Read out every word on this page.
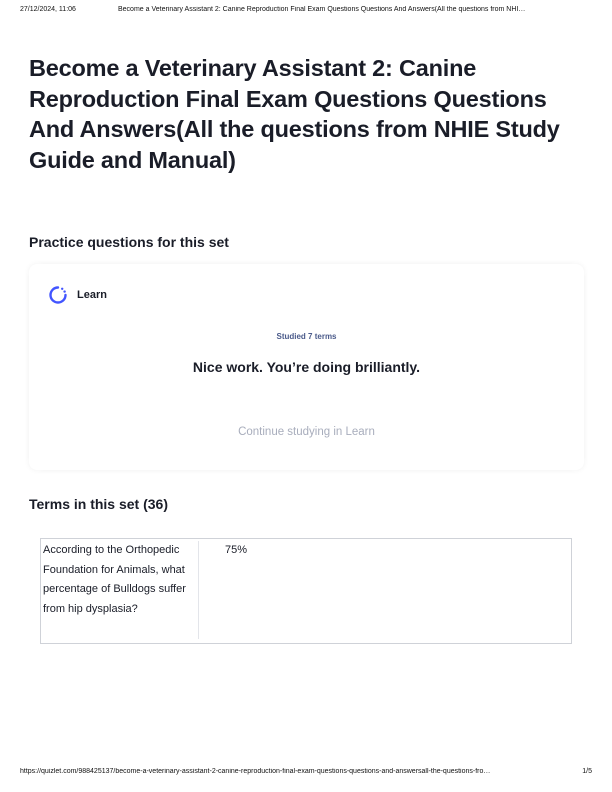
27/12/2024, 11:06	Become a Veterinary Assistant 2: Canine Reproduction Final Exam Questions Questions And Answers(All the questions from NHI…
Become a Veterinary Assistant 2: Canine Reproduction Final Exam Questions Questions And Answers(All the questions from NHIE Study Guide and Manual)
Practice questions for this set
Learn
Studied 7 terms
Nice work. You’re doing brilliantly.
Continue studying in Learn
Terms in this set (36)
According to the Orthopedic Foundation for Animals, what percentage of Bulldogs suffer from hip dysplasia?
75%
https://quizlet.com/988425137/become-a-veterinary-assistant-2-canine-reproduction-final-exam-questions-questions-and-answersall-the-questions-fro…	1/5
